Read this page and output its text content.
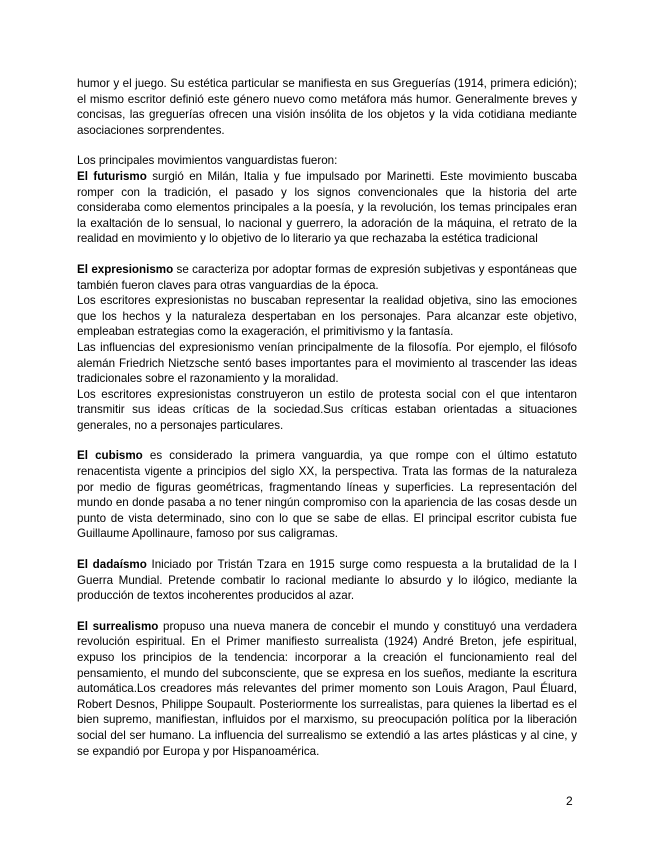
humor y el juego. Su estética particular se manifiesta en sus Greguerías (1914, primera edición); el mismo escritor definió este género nuevo como metáfora más humor. Generalmente breves y concisas, las greguerías ofrecen una visión insólita de los objetos y la vida cotidiana mediante asociaciones sorprendentes.

Los principales movimientos vanguardistas fueron:

El futurismo surgió en Milán, Italia y fue impulsado por Marinetti. Este movimiento buscaba romper con la tradición, el pasado y los signos convencionales que la historia del arte consideraba como elementos principales a la poesía, y la revolución, los temas principales eran la exaltación de lo sensual, lo nacional y guerrero, la adoración de la máquina, el retrato de la realidad en movimiento y lo objetivo de lo literario ya que rechazaba la estética tradicional

El expresionismo se caracteriza por adoptar formas de expresión subjetivas y espontáneas que también fueron claves para otras vanguardias de la época.

Los escritores expresionistas no buscaban representar la realidad objetiva, sino las emociones que los hechos y la naturaleza despertaban en los personajes. Para alcanzar este objetivo, empleaban estrategias como la exageración, el primitivismo y la fantasía.

Las influencias del expresionismo venían principalmente de la filosofía. Por ejemplo, el filósofo alemán Friedrich Nietzsche sentó bases importantes para el movimiento al trascender las ideas tradicionales sobre el razonamiento y la moralidad.

Los escritores expresionistas construyeron un estilo de protesta social con el que intentaron transmitir sus ideas críticas de la sociedad.Sus críticas estaban orientadas a situaciones generales, no a personajes particulares.

El cubismo es considerado la primera vanguardia, ya que rompe con el último estatuto renacentista vigente a principios del siglo XX, la perspectiva. Trata las formas de la naturaleza por medio de figuras geométricas, fragmentando líneas y superficies. La representación del mundo en donde pasaba a no tener ningún compromiso con la apariencia de las cosas desde un punto de vista determinado, sino con lo que se sabe de ellas. El principal escritor cubista fue Guillaume Apollinaure, famoso por sus caligramas.

El dadaísmo Iniciado por Tristán Tzara en 1915 surge como respuesta a la brutalidad de la I Guerra Mundial. Pretende combatir lo racional mediante lo absurdo y lo ilógico, mediante la producción de textos incoherentes producidos al azar.

El surrealismo propuso una nueva manera de concebir el mundo y constituyó una verdadera revolución espiritual. En el Primer manifiesto surrealista (1924) André Breton, jefe espiritual, expuso los principios de la tendencia: incorporar a la creación el funcionamiento real del pensamiento, el mundo del subconsciente, que se expresa en los sueños, mediante la escritura automática.Los creadores más relevantes del primer momento son Louis Aragon, Paul Éluard, Robert Desnos, Philippe Soupault. Posteriormente los surrealistas, para quienes la libertad es el bien supremo, manifiestan, influidos por el marxismo, su preocupación política por la liberación social del ser humano. La influencia del surrealismo se extendió a las artes plásticas y al cine, y se expandió por Europa y por Hispanoamérica.

2
